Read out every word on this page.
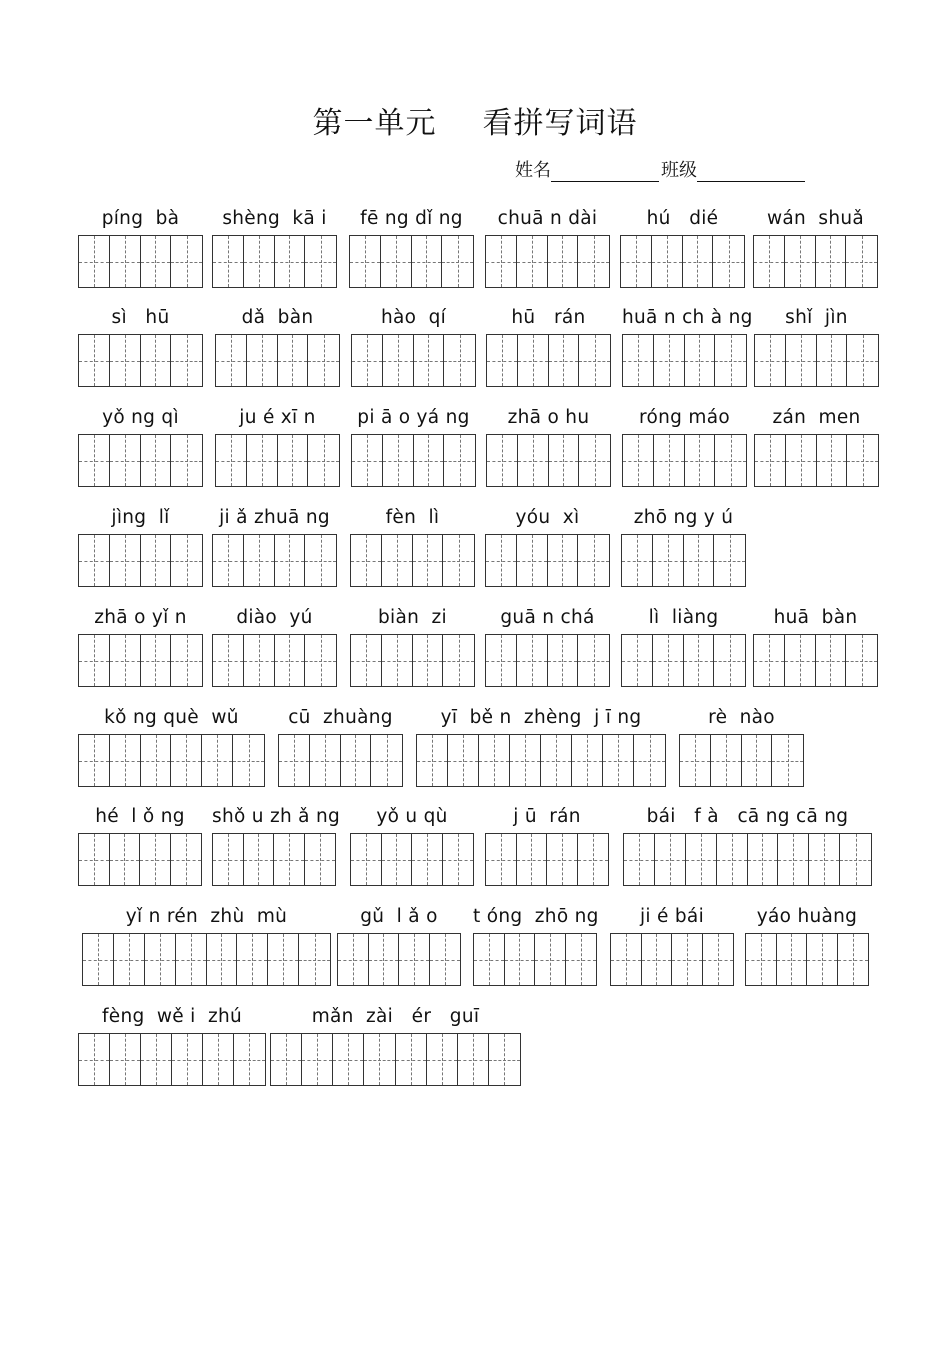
第一单元 看拼写词语
姓名	班级
píng  bà	shèng  kā i	fē ng dǐ ng	chuā n dài	hú   dié	wán  shuǎ
sì   hū	dǎ  bàn	hào  qí	hū   rán	huā n ch à ng	shǐ  jìn
yǒ ng qì	ju é xī n	pi ā o yá ng	zhā o hu	róng máo	zán  men
jìng  lǐ	ji ǎ zhuā ng	fèn  lì	yóu  xì	zhō ng y ú
zhā o yǐ n	diào  yú	biàn  zi	guā n chá	lì  liàng	huā  bàn
kǒ ng què  wǔ	cū  zhuàng	yī  bě n  zhèng  j ī ng	rè  nào
hé  l ǒ ng	shǒ u zh ǎ ng	yǒ u qù	j ū  rán	bái   f à   cā ng cā ng
yǐ n rén  zhù  mù	gǔ  l ǎ o	t óng  zhō ng	ji é bái	yáo huàng
fèng  wě i  zhú	mǎn  zài   ér   guī
